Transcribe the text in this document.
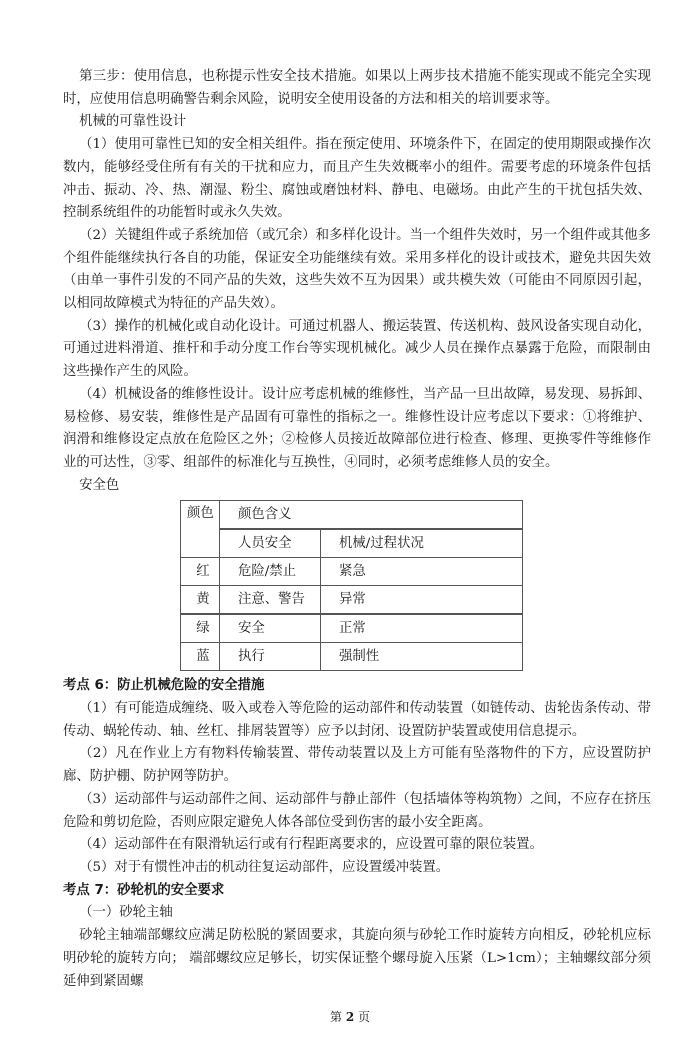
第三步：使用信息，也称提示性安全技术措施。如果以上两步技术措施不能实现或不能完全实现时，应使用信息明确警告剩余风险，说明安全使用设备的方法和相关的培训要求等。

机械的可靠性设计

（1）使用可靠性已知的安全相关组件。指在预定使用、环境条件下，在固定的使用期限或操作次数内，能够经受住所有有关的干扰和应力，而且产生失效概率小的组件。需要考虑的环境条件包括冲击、振动、冷、热、潮湿、粉尘、腐蚀或磨蚀材料、静电、电磁场。由此产生的干扰包括失效、控制系统组件的功能暂时或永久失效。

（2）关键组件或子系统加倍（或冗余）和多样化设计。当一个组件失效时，另一个组件或其他多个组件能继续执行各自的功能，保证安全功能继续有效。采用多样化的设计或技术，避免共因失效（由单一事件引发的不同产品的失效，这些失效不互为因果）或共模失效（可能由不同原因引起，以相同故障模式为特征的产品失效）。

（3）操作的机械化或自动化设计。可通过机器人、搬运装置、传送机构、鼓风设备实现自动化，可通过进料滑道、推杆和手动分度工作台等实现机械化。减少人员在操作点暴露于危险，而限制由这些操作产生的风险。

（4）机械设备的维修性设计。设计应考虑机械的维修性，当产品一旦出故障，易发现、易拆卸、易检修、易安装，维修性是产品固有可靠性的指标之一。维修性设计应考虑以下要求：①将维护、润滑和维修设定点放在危险区之外；②检修人员接近故障部位进行检查、修理、更换零件等维修作业的可达性，③零、组部件的标准化与互换性，④同时，必须考虑维修人员的安全。

安全色

颜色	颜色含义	
	人员安全	机械/过程状况
红	危险/禁止	紧急
黄	注意、警告	异常
绿	安全	正常
蓝	执行	强制性
考点 6：防止机械危险的安全措施

（1）有可能造成缠绕、吸入或卷入等危险的运动部件和传动装置（如链传动、齿轮齿条传动、带传动、蜗轮传动、轴、丝杠、排屑装置等）应予以封闭、设置防护装置或使用信息提示。

（2）凡在作业上方有物料传输装置、带传动装置以及上方可能有坠落物件的下方，应设置防护廊、防护棚、防护网等防护。

（3）运动部件与运动部件之间、运动部件与静止部件（包括墙体等构筑物）之间，不应存在挤压危险和剪切危险，否则应限定避免人体各部位受到伤害的最小安全距离。

（4）运动部件在有限滑轨运行或有行程距离要求的，应设置可靠的限位装置。

（5）对于有惯性冲击的机动往复运动部件，应设置缓冲装置。

考点 7：砂轮机的安全要求

（一）砂轮主轴

砂轮主轴端部螺纹应满足防松脱的紧固要求，其旋向须与砂轮工作时旋转方向相反，砂轮机应标明砂轮的旋转方向； 端部螺纹应足够长，切实保证整个螺母旋入压紧（L>1cm）；主轴螺纹部分须延伸到紧固螺

第 2 页
